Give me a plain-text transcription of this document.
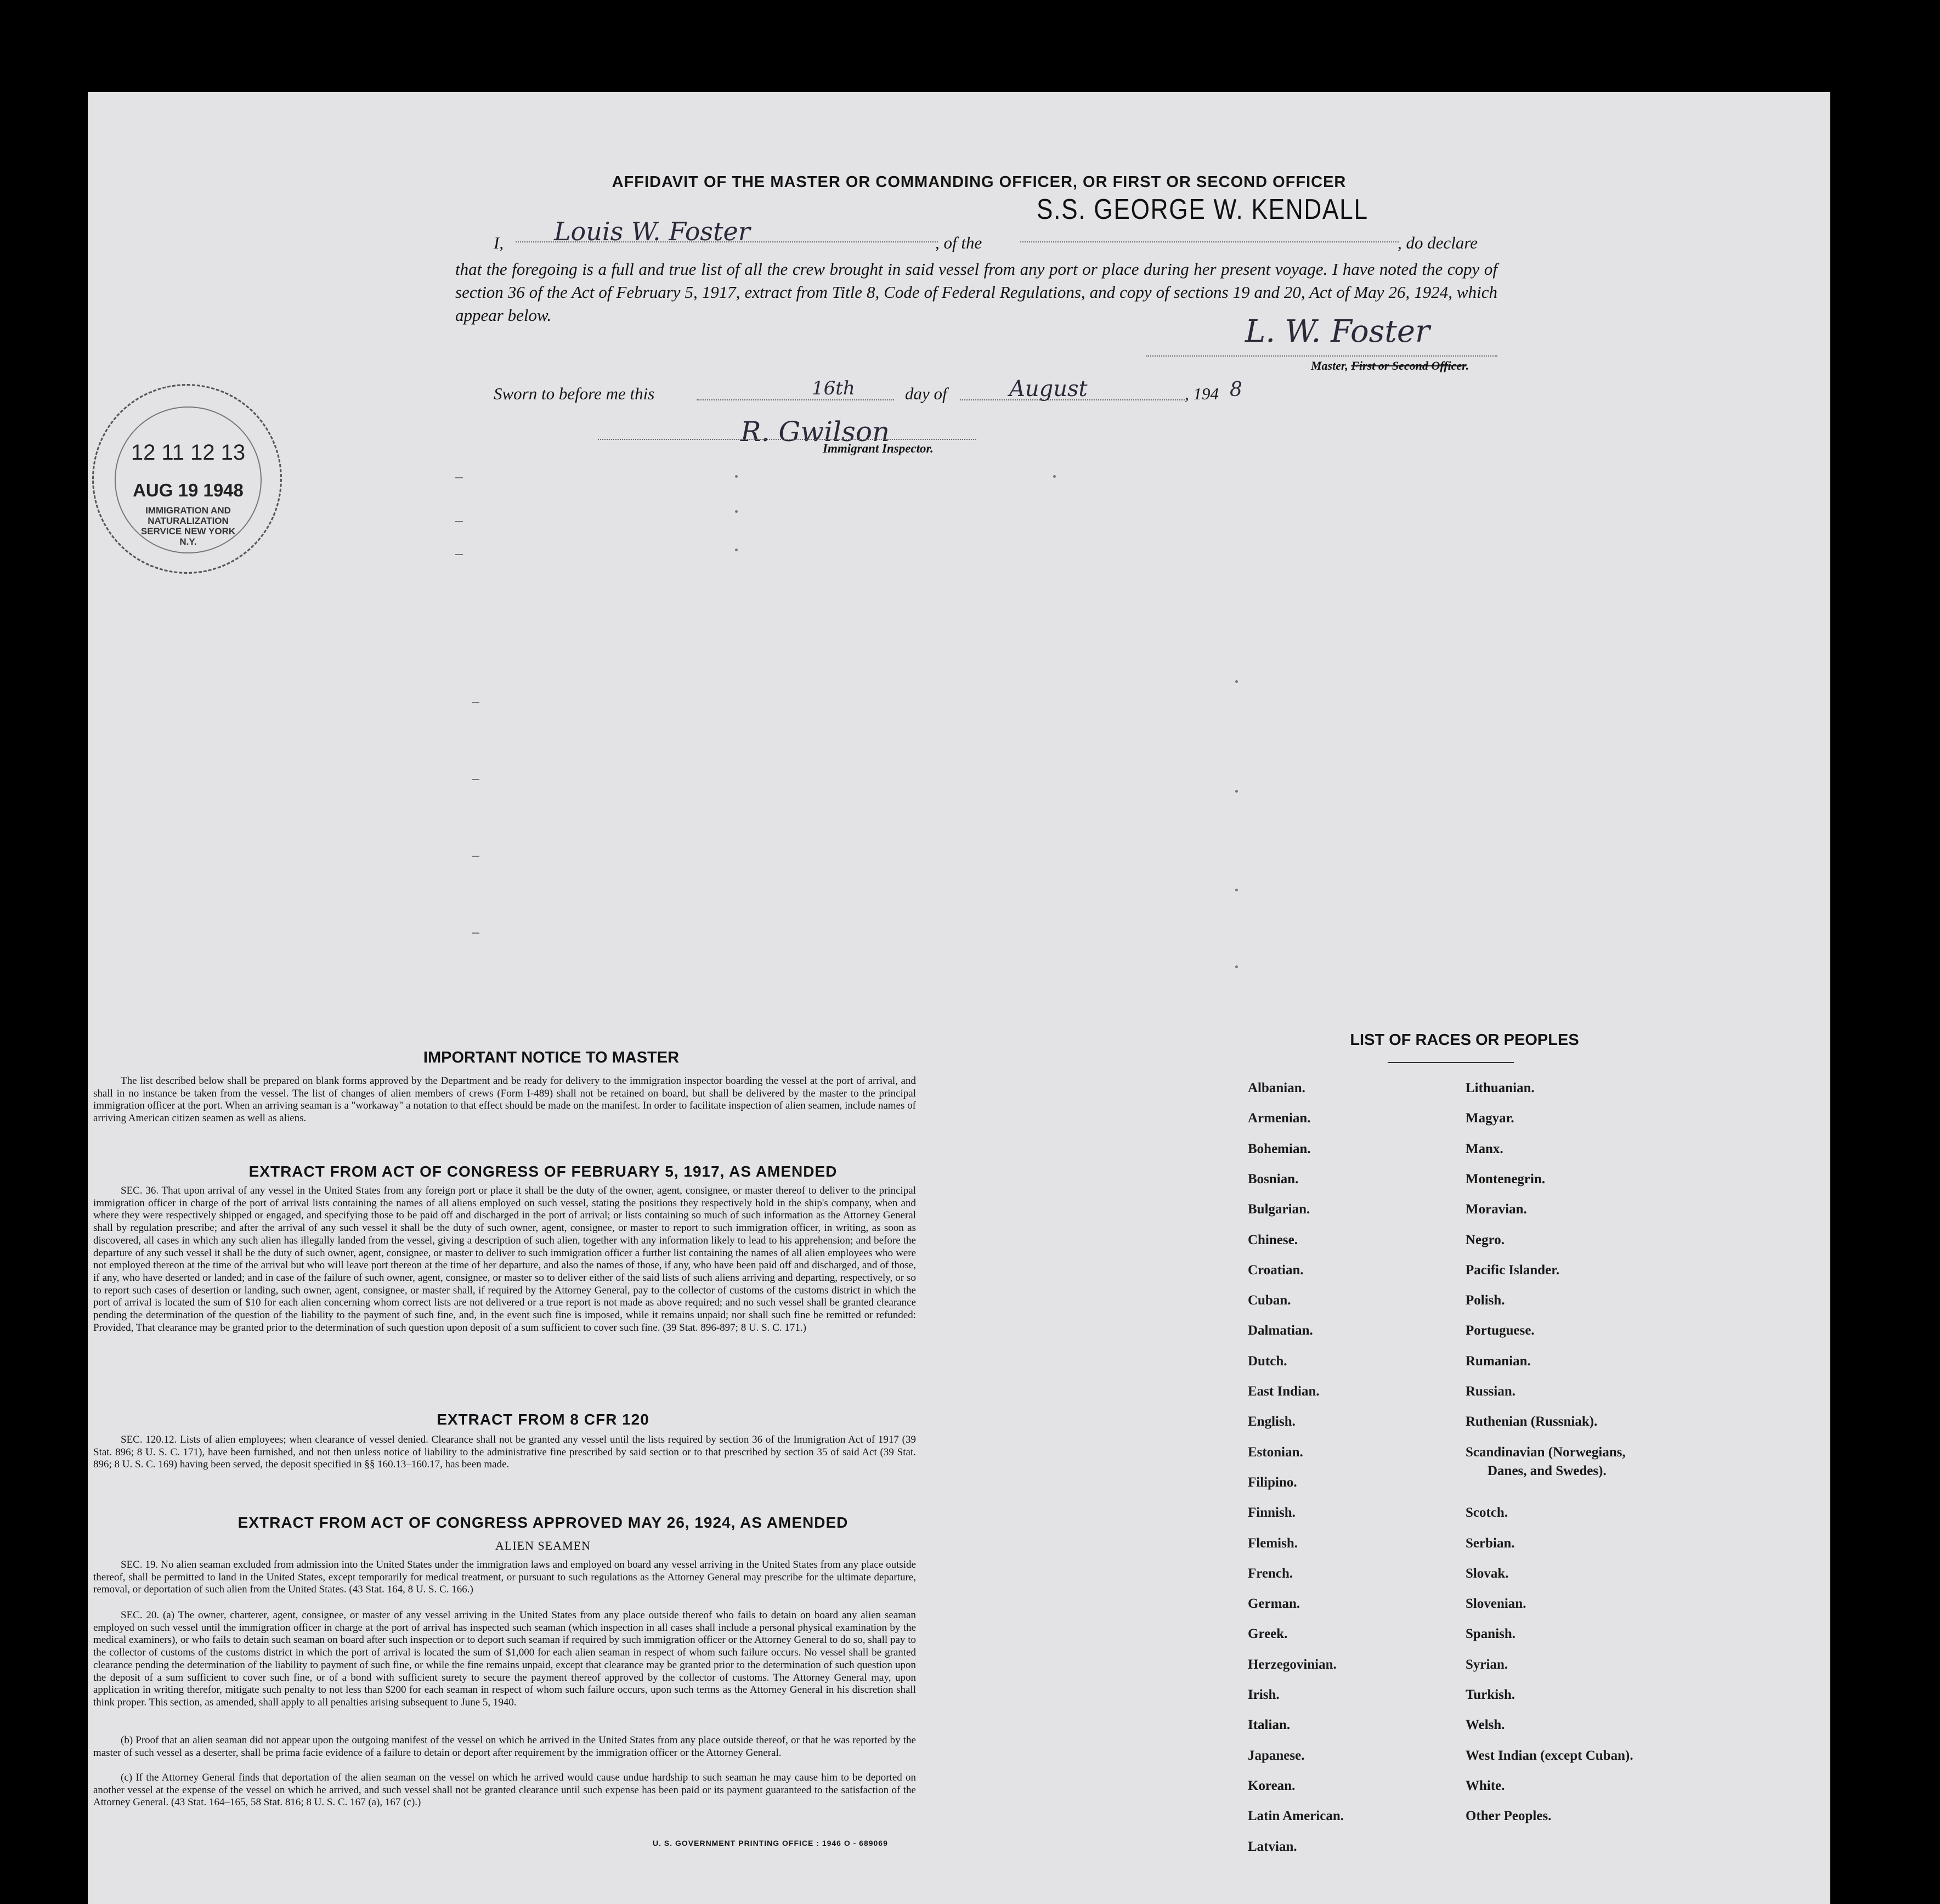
AFFIDAVIT OF THE MASTER OR COMMANDING OFFICER, OR FIRST OR SECOND OFFICER
I, Louis W. Foster	, of the
S.S. GEORGE W. KENDALL
, do declare
that the foregoing is a full and true list of all the crew brought in said vessel from any port or place during her present voyage. I have noted the copy of section 36 of the Act of February 5, 1917, extract from Title 8, Code of Federal Regulations, and copy of sections 19 and 20, Act of May 26, 1924, which appear below.	L. W. Foster
Master, First or Second Officer.
Sworn to before me this	16th	day of	August	, 194 8
R. Gwilson
Immigrant Inspector.
12 11 12 13
AUG 19 1948
IMMIGRATION AND NATURALIZATION SERVICE NEW YORK N.Y.
IMPORTANT NOTICE TO MASTER
The list described below shall be prepared on blank forms approved by the Department and be ready for delivery to the immigration inspector boarding the vessel at the port of arrival, and shall in no instance be taken from the vessel. The list of changes of alien members of crews (Form I-489) shall not be retained on board, but shall be delivered by the master to the principal immigration officer at the port. When an arriving seaman is a "workaway" a notation to that effect should be made on the manifest. In order to facilitate inspection of alien seamen, include names of arriving American citizen seamen as well as aliens.
EXTRACT FROM ACT OF CONGRESS OF FEBRUARY 5, 1917, AS AMENDED
SEC. 36. That upon arrival of any vessel in the United States from any foreign port or place it shall be the duty of the owner, agent, consignee, or master thereof to deliver to the principal immigration officer in charge of the port of arrival lists containing the names of all aliens employed on such vessel, stating the positions they respectively hold in the ship's company, when and where they were respectively shipped or engaged, and specifying those to be paid off and discharged in the port of arrival; or lists containing so much of such information as the Attorney General shall by regulation prescribe; and after the arrival of any such vessel it shall be the duty of such owner, agent, consignee, or master to report to such immigration officer, in writing, as soon as discovered, all cases in which any such alien has illegally landed from the vessel, giving a description of such alien, together with any information likely to lead to his apprehension; and before the departure of any such vessel it shall be the duty of such owner, agent, consignee, or master to deliver to such immigration officer a further list containing the names of all alien employees who were not employed thereon at the time of the arrival but who will leave port thereon at the time of her departure, and also the names of those, if any, who have been paid off and discharged, and of those, if any, who have deserted or landed; and in case of the failure of such owner, agent, consignee, or master so to deliver either of the said lists of such aliens arriving and departing, respectively, or so to report such cases of desertion or landing, such owner, agent, consignee, or master shall, if required by the Attorney General, pay to the collector of customs of the customs district in which the port of arrival is located the sum of $10 for each alien concerning whom correct lists are not delivered or a true report is not made as above required; and no such vessel shall be granted clearance pending the determination of the question of the liability to the payment of such fine, and, in the event such fine is imposed, while it remains unpaid; nor shall such fine be remitted or refunded: Provided, That clearance may be granted prior to the determination of such question upon deposit of a sum sufficient to cover such fine. (39 Stat. 896-897; 8 U. S. C. 171.)
EXTRACT FROM 8 CFR 120
SEC. 120.12. Lists of alien employees; when clearance of vessel denied. Clearance shall not be granted any vessel until the lists required by section 36 of the Immigration Act of 1917 (39 Stat. 896; 8 U. S. C. 171), have been furnished, and not then unless notice of liability to the administrative fine prescribed by said section or to that prescribed by section 35 of said Act (39 Stat. 896; 8 U. S. C. 169) having been served, the deposit specified in §§ 160.13–160.17, has been made.
EXTRACT FROM ACT OF CONGRESS APPROVED MAY 26, 1924, AS AMENDED
ALIEN SEAMEN
SEC. 19. No alien seaman excluded from admission into the United States under the immigration laws and employed on board any vessel arriving in the United States from any place outside thereof, shall be permitted to land in the United States, except temporarily for medical treatment, or pursuant to such regulations as the Attorney General may prescribe for the ultimate departure, removal, or deportation of such alien from the United States. (43 Stat. 164, 8 U. S. C. 166.)
SEC. 20. (a) The owner, charterer, agent, consignee, or master of any vessel arriving in the United States from any place outside thereof who fails to detain on board any alien seaman employed on such vessel until the immigration officer in charge at the port of arrival has inspected such seaman (which inspection in all cases shall include a personal physical examination by the medical examiners), or who fails to detain such seaman on board after such inspection or to deport such seaman if required by such immigration officer or the Attorney General to do so, shall pay to the collector of customs of the customs district in which the port of arrival is located the sum of $1,000 for each alien seaman in respect of whom such failure occurs. No vessel shall be granted clearance pending the determination of the liability to payment of such fine, or while the fine remains unpaid, except that clearance may be granted prior to the determination of such question upon the deposit of a sum sufficient to cover such fine, or of a bond with sufficient surety to secure the payment thereof approved by the collector of customs. The Attorney General may, upon application in writing therefor, mitigate such penalty to not less than $200 for each seaman in respect of whom such failure occurs, upon such terms as the Attorney General in his discretion shall think proper. This section, as amended, shall apply to all penalties arising subsequent to June 5, 1940.
(b) Proof that an alien seaman did not appear upon the outgoing manifest of the vessel on which he arrived in the United States from any place outside thereof, or that he was reported by the master of such vessel as a deserter, shall be prima facie evidence of a failure to detain or deport after requirement by the immigration officer or the Attorney General.
(c) If the Attorney General finds that deportation of the alien seaman on the vessel on which he arrived would cause undue hardship to such seaman he may cause him to be deported on another vessel at the expense of the vessel on which he arrived, and such vessel shall not be granted clearance until such expense has been paid or its payment guaranteed to the satisfaction of the Attorney General. (43 Stat. 164–165, 58 Stat. 816; 8 U. S. C. 167 (a), 167 (c).)
U. S. GOVERNMENT PRINTING OFFICE : 1946 O - 689069
LIST OF RACES OR PEOPLES
Albanian.
Armenian.
Bohemian.
Bosnian.
Bulgarian.
Chinese.
Croatian.
Cuban.
Dalmatian.
Dutch.
East Indian.
English.
Estonian.
Filipino.
Finnish.
Flemish.
French.
German.
Greek.
Herzegovinian.
Irish.
Italian.
Japanese.
Korean.
Latin American.
Latvian.
Lithuanian.
Magyar.
Manx.
Montenegrin.
Moravian.
Negro.
Pacific Islander.
Polish.
Portuguese.
Rumanian.
Russian.
Ruthenian (Russniak).
Scandinavian (Norwegians,
Danes, and Swedes).
Scotch.
Serbian.
Slovak.
Slovenian.
Spanish.
Syrian.
Turkish.
Welsh.
West Indian (except Cuban).
White.
Other Peoples.
